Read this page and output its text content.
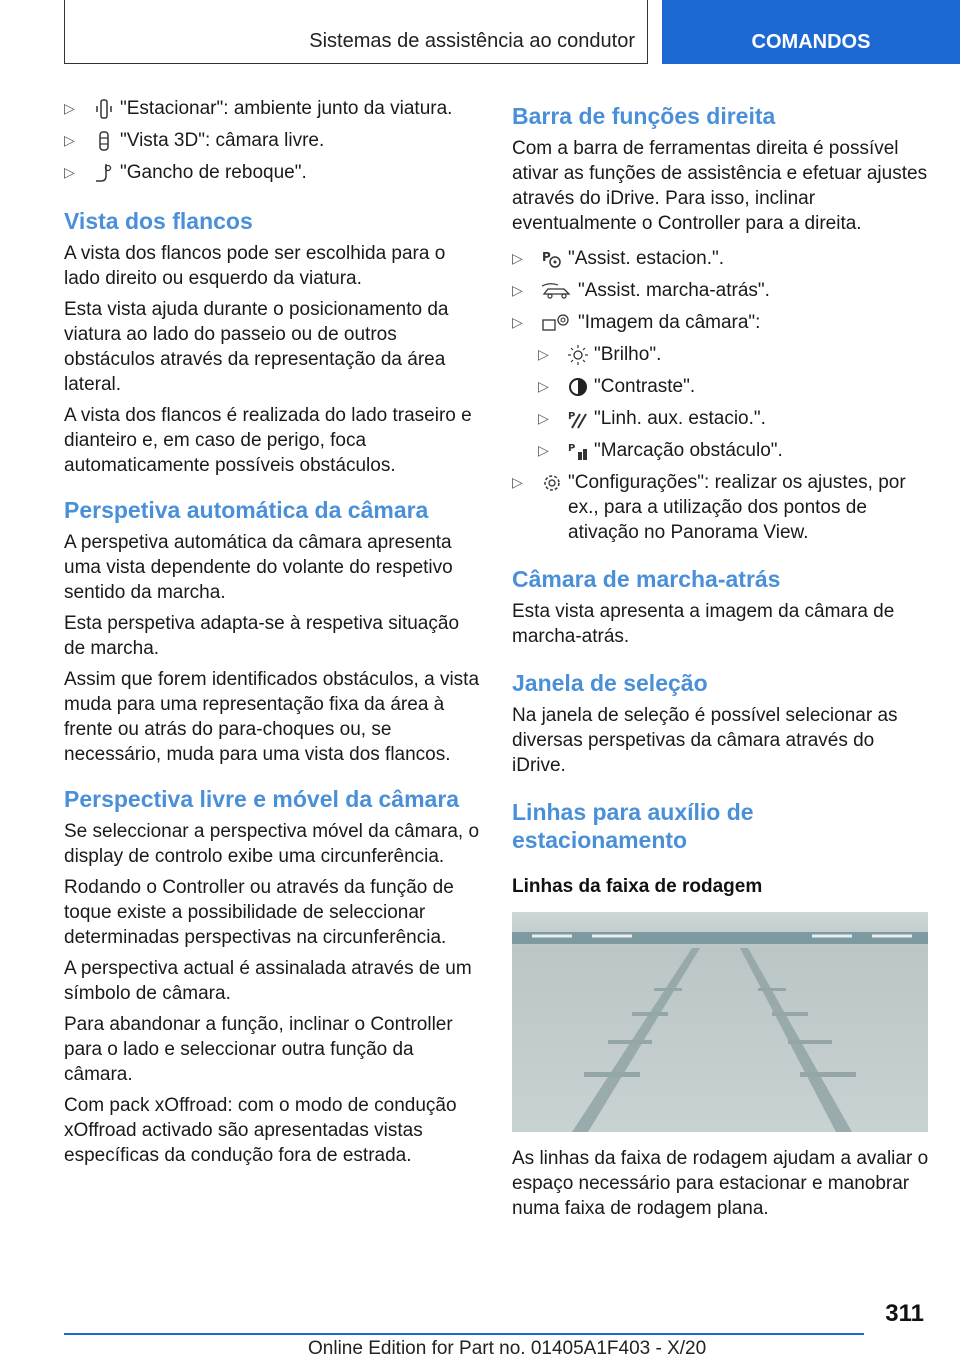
Sistemas de assistência ao condutor	COMANDOS
▷ "Estacionar": ambiente junto da viatura.
▷ "Vista 3D": câmara livre.
▷ "Gancho de reboque".
Vista dos flancos

A vista dos flancos pode ser escolhida para o lado direito ou esquerdo da viatura.

Esta vista ajuda durante o posicionamento da viatura ao lado do passeio ou de outros obstáculos através da representação da área lateral.

A vista dos flancos é realizada do lado traseiro e dianteiro e, em caso de perigo, foca automaticamente possíveis obstáculos.

Perspetiva automática da câmara

A perspetiva automática da câmara apresenta uma vista dependente do volante do respetivo sentido da marcha.

Esta perspetiva adapta-se à respetiva situação de marcha.

Assim que forem identificados obstáculos, a vista muda para uma representação fixa da área à frente ou atrás do para-choques ou, se necessário, muda para uma vista dos flancos.

Perspectiva livre e móvel da câmara

Se seleccionar a perspectiva móvel da câmara, o display de controlo exibe uma circunferência.

Rodando o Controller ou através da função de toque existe a possibilidade de seleccionar determinadas perspectivas na circunferência.

A perspectiva actual é assinalada através de um símbolo de câmara.

Para abandonar a função, inclinar o Controller para o lado e seleccionar outra função da câmara.

Com pack xOffroad: com o modo de condução xOffroad activado são apresentadas vistas específicas da condução fora de estrada.

Barra de funções direita

Com a barra de ferramentas direita é possível ativar as funções de assistência e efetuar ajustes através do iDrive. Para isso, inclinar eventualmente o Controller para a direita.

▷ P "Assist. estacion.".
▷	"Assist. marcha-atrás".
▷	"Imagem da câmara":
▷ "Brilho".
▷ "Contraste".
▷ P "Linh. aux. estacio.".
▷ P "Marcação obstáculo".
▷ "Configurações": realizar os ajustes, por ex., para a utilização dos pontos de ativação no Panorama View.
Câmara de marcha-atrás

Esta vista apresenta a imagem da câmara de marcha-atrás.

Janela de seleção

Na janela de seleção é possível selecionar as diversas perspetivas da câmara através do iDrive.

Linhas para auxílio de estacionamento
Linhas da faixa de rodagem

As linhas da faixa de rodagem ajudam a avaliar o espaço necessário para estacionar e manobrar numa faixa de rodagem plana.

311
Online Edition for Part no. 01405A1F403 - X/20
